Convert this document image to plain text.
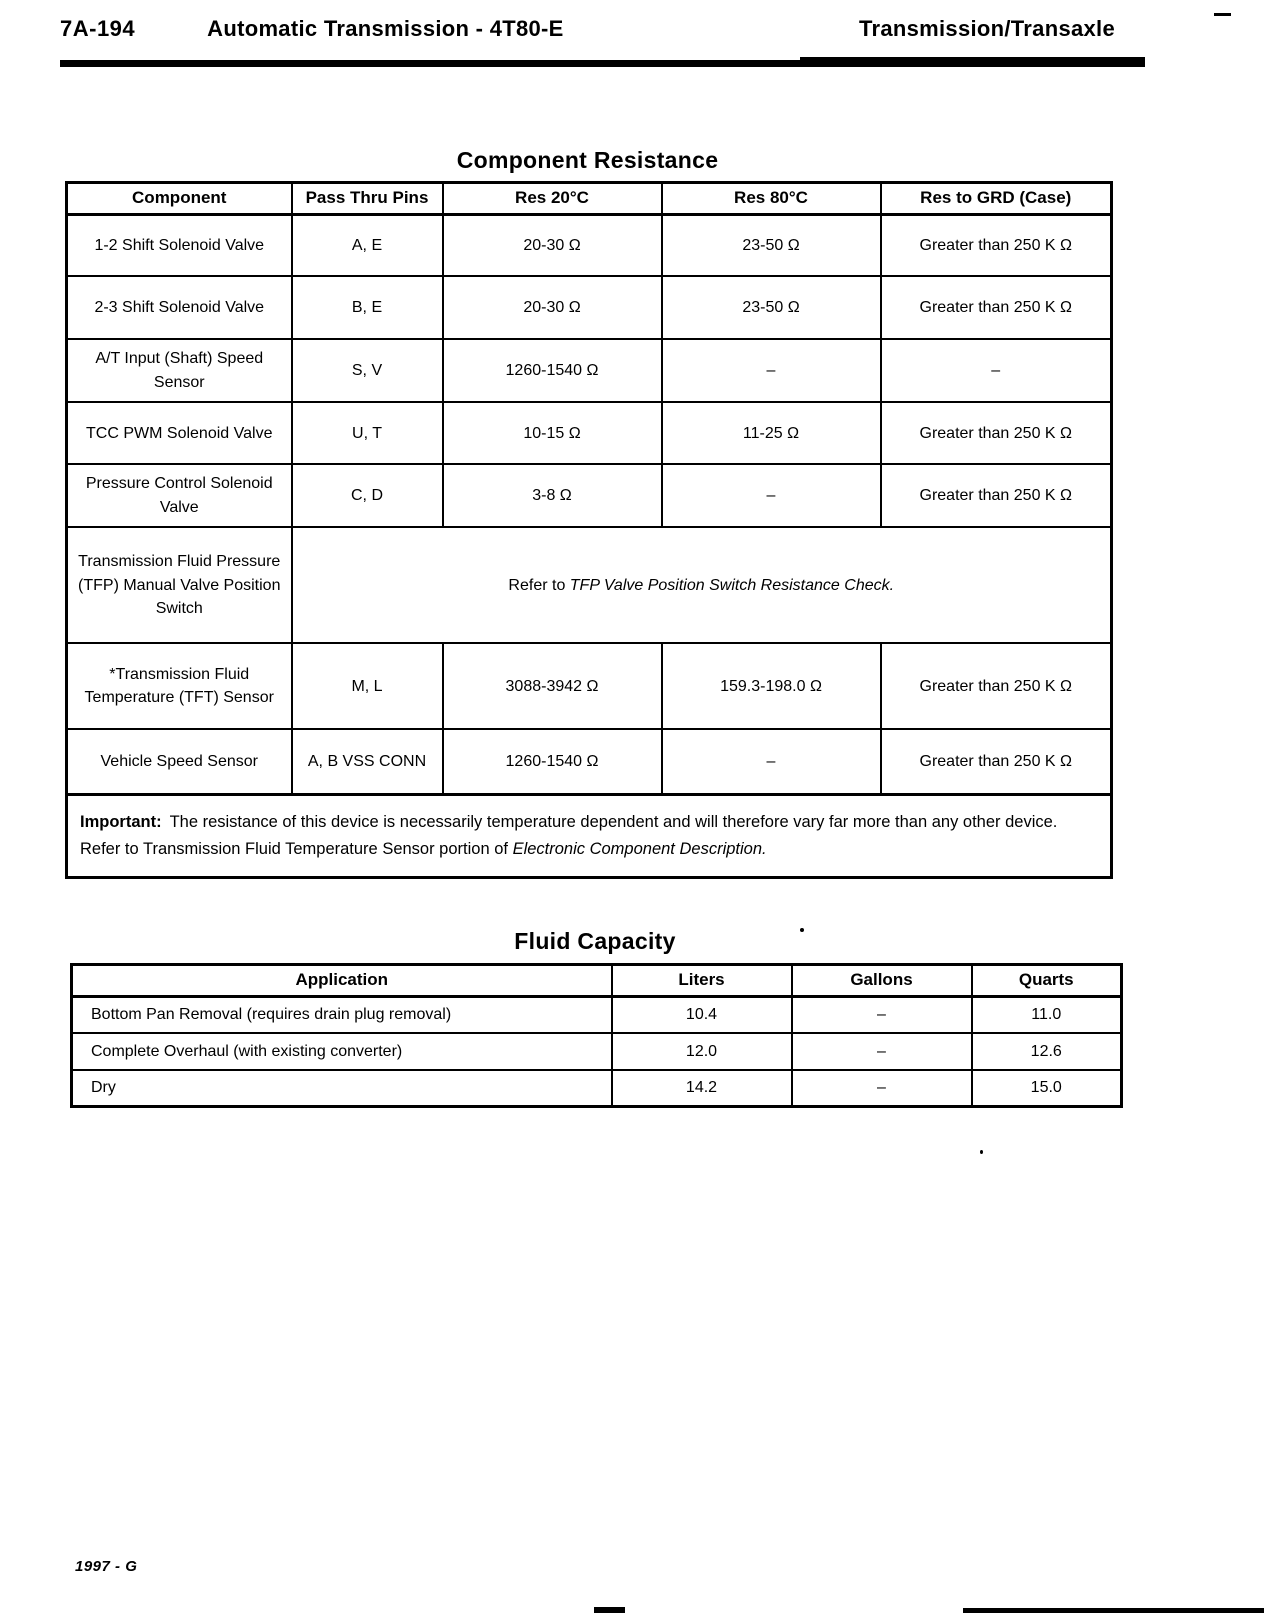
7A-194	Automatic Transmission - 4T80-E	Transmission/Transaxle
Component Resistance
Component	Pass Thru Pins	Res 20°C	Res 80°C	Res to GRD (Case)
1-2 Shift Solenoid Valve	A, E	20-30 Ω	23-50 Ω	Greater than 250 K Ω
2-3 Shift Solenoid Valve	B, E	20-30 Ω	23-50 Ω	Greater than 250 K Ω
A/T Input (Shaft) Speed Sensor	S, V	1260-1540 Ω	–	–
TCC PWM Solenoid Valve	U, T	10-15 Ω	11-25 Ω	Greater than 250 K Ω
Pressure Control Solenoid Valve	C, D	3-8 Ω	–	Greater than 250 K Ω
Transmission Fluid Pressure (TFP) Manual Valve Position Switch	Refer to TFP Valve Position Switch Resistance Check.			
*Transmission Fluid Temperature (TFT) Sensor	M, L	3088-3942 Ω	159.3-198.0 Ω	Greater than 250 K Ω
Vehicle Speed Sensor	A, B VSS CONN	1260-1540 Ω	–	Greater than 250 K Ω
Important: The resistance of this device is necessarily temperature dependent and will therefore vary far more than any other device. Refer to Transmission Fluid Temperature Sensor portion of Electronic Component Description.				
Fluid Capacity
Application	Liters	Gallons	Quarts
Bottom Pan Removal (requires drain plug removal)	10.4	–	11.0
Complete Overhaul (with existing converter)	12.0	–	12.6
Dry	14.2	–	15.0
1997 - G
